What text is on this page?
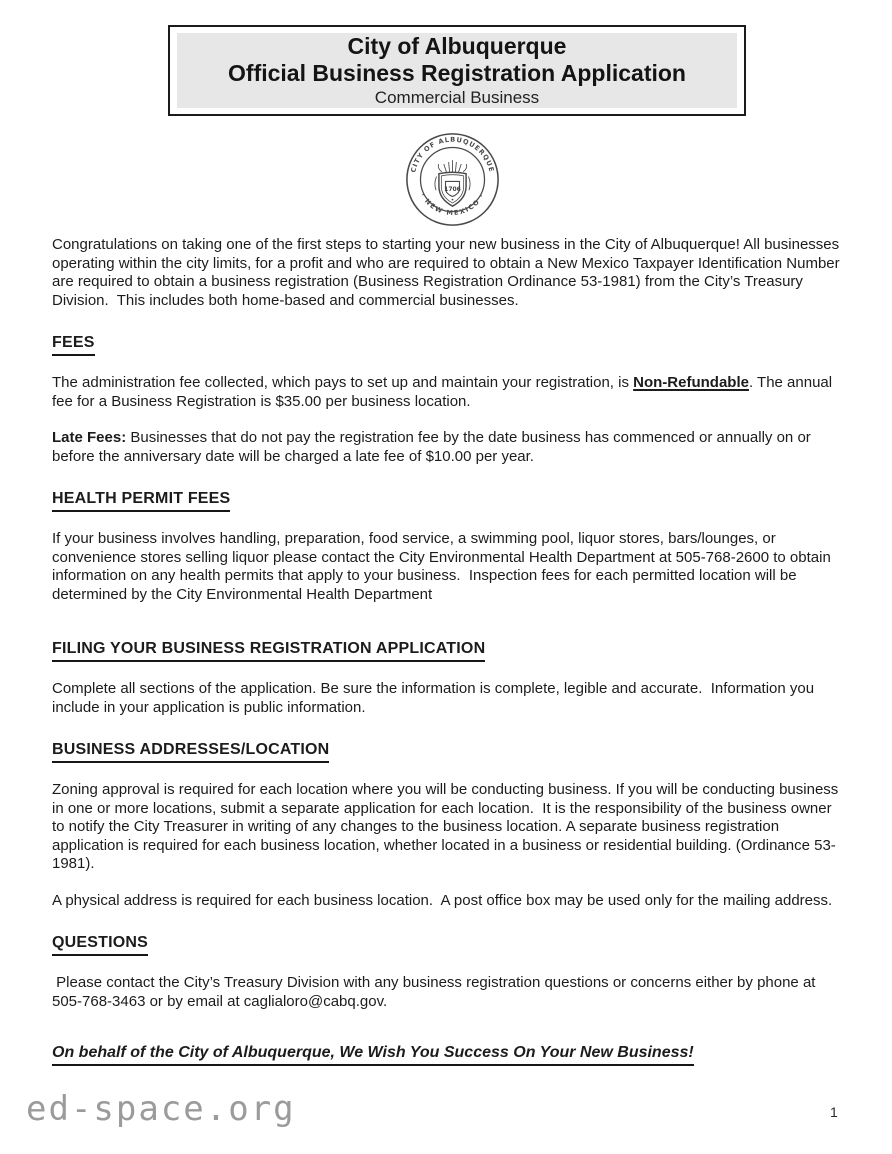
City of Albuquerque
Official Business Registration Application
Commercial Business
CITY OF ALBUQUERQUE
· NEW MEXICO ·
1706

Congratulations on taking one of the first steps to starting your new business in the City of Albuquerque! All businesses operating within the city limits, for a profit and who are required to obtain a New Mexico Taxpayer Identification Number are required to obtain a business registration (Business Registration Ordinance 53-1981) from the City’s Treasury Division.  This includes both home-based and commercial businesses.

FEES

The administration fee collected, which pays to set up and maintain your registration, is Non-Refundable. The annual fee for a Business Registration is $35.00 per business location.

Late Fees: Businesses that do not pay the registration fee by the date business has commenced or annually on or before the anniversary date will be charged a late fee of $10.00 per year.

HEALTH PERMIT FEES

If your business involves handling, preparation, food service, a swimming pool, liquor stores, bars/lounges, or convenience stores selling liquor please contact the City Environmental Health Department at 505-768-2600 to obtain information on any health permits that apply to your business.  Inspection fees for each permitted location will be determined by the City Environmental Health Department

FILING YOUR BUSINESS REGISTRATION APPLICATION

Complete all sections of the application. Be sure the information is complete, legible and accurate.  Information you include in your application is public information.

BUSINESS ADDRESSES/LOCATION

Zoning approval is required for each location where you will be conducting business. If you will be conducting business in one or more locations, submit a separate application for each location.  It is the responsibility of the business owner to notify the City Treasurer in writing of any changes to the business location. A separate business registration application is required for each business location, whether located in a business or residential building. (Ordinance 53-1981).

A physical address is required for each business location.  A post office box may be used only for the mailing address.

QUESTIONS

Please contact the City’s Treasury Division with any business registration questions or concerns either by phone at 505-768-3463 or by email at caglialoro@cabq.gov.

On behalf of the City of Albuquerque, We Wish You Success On Your New Business!

ed-space.org	1
